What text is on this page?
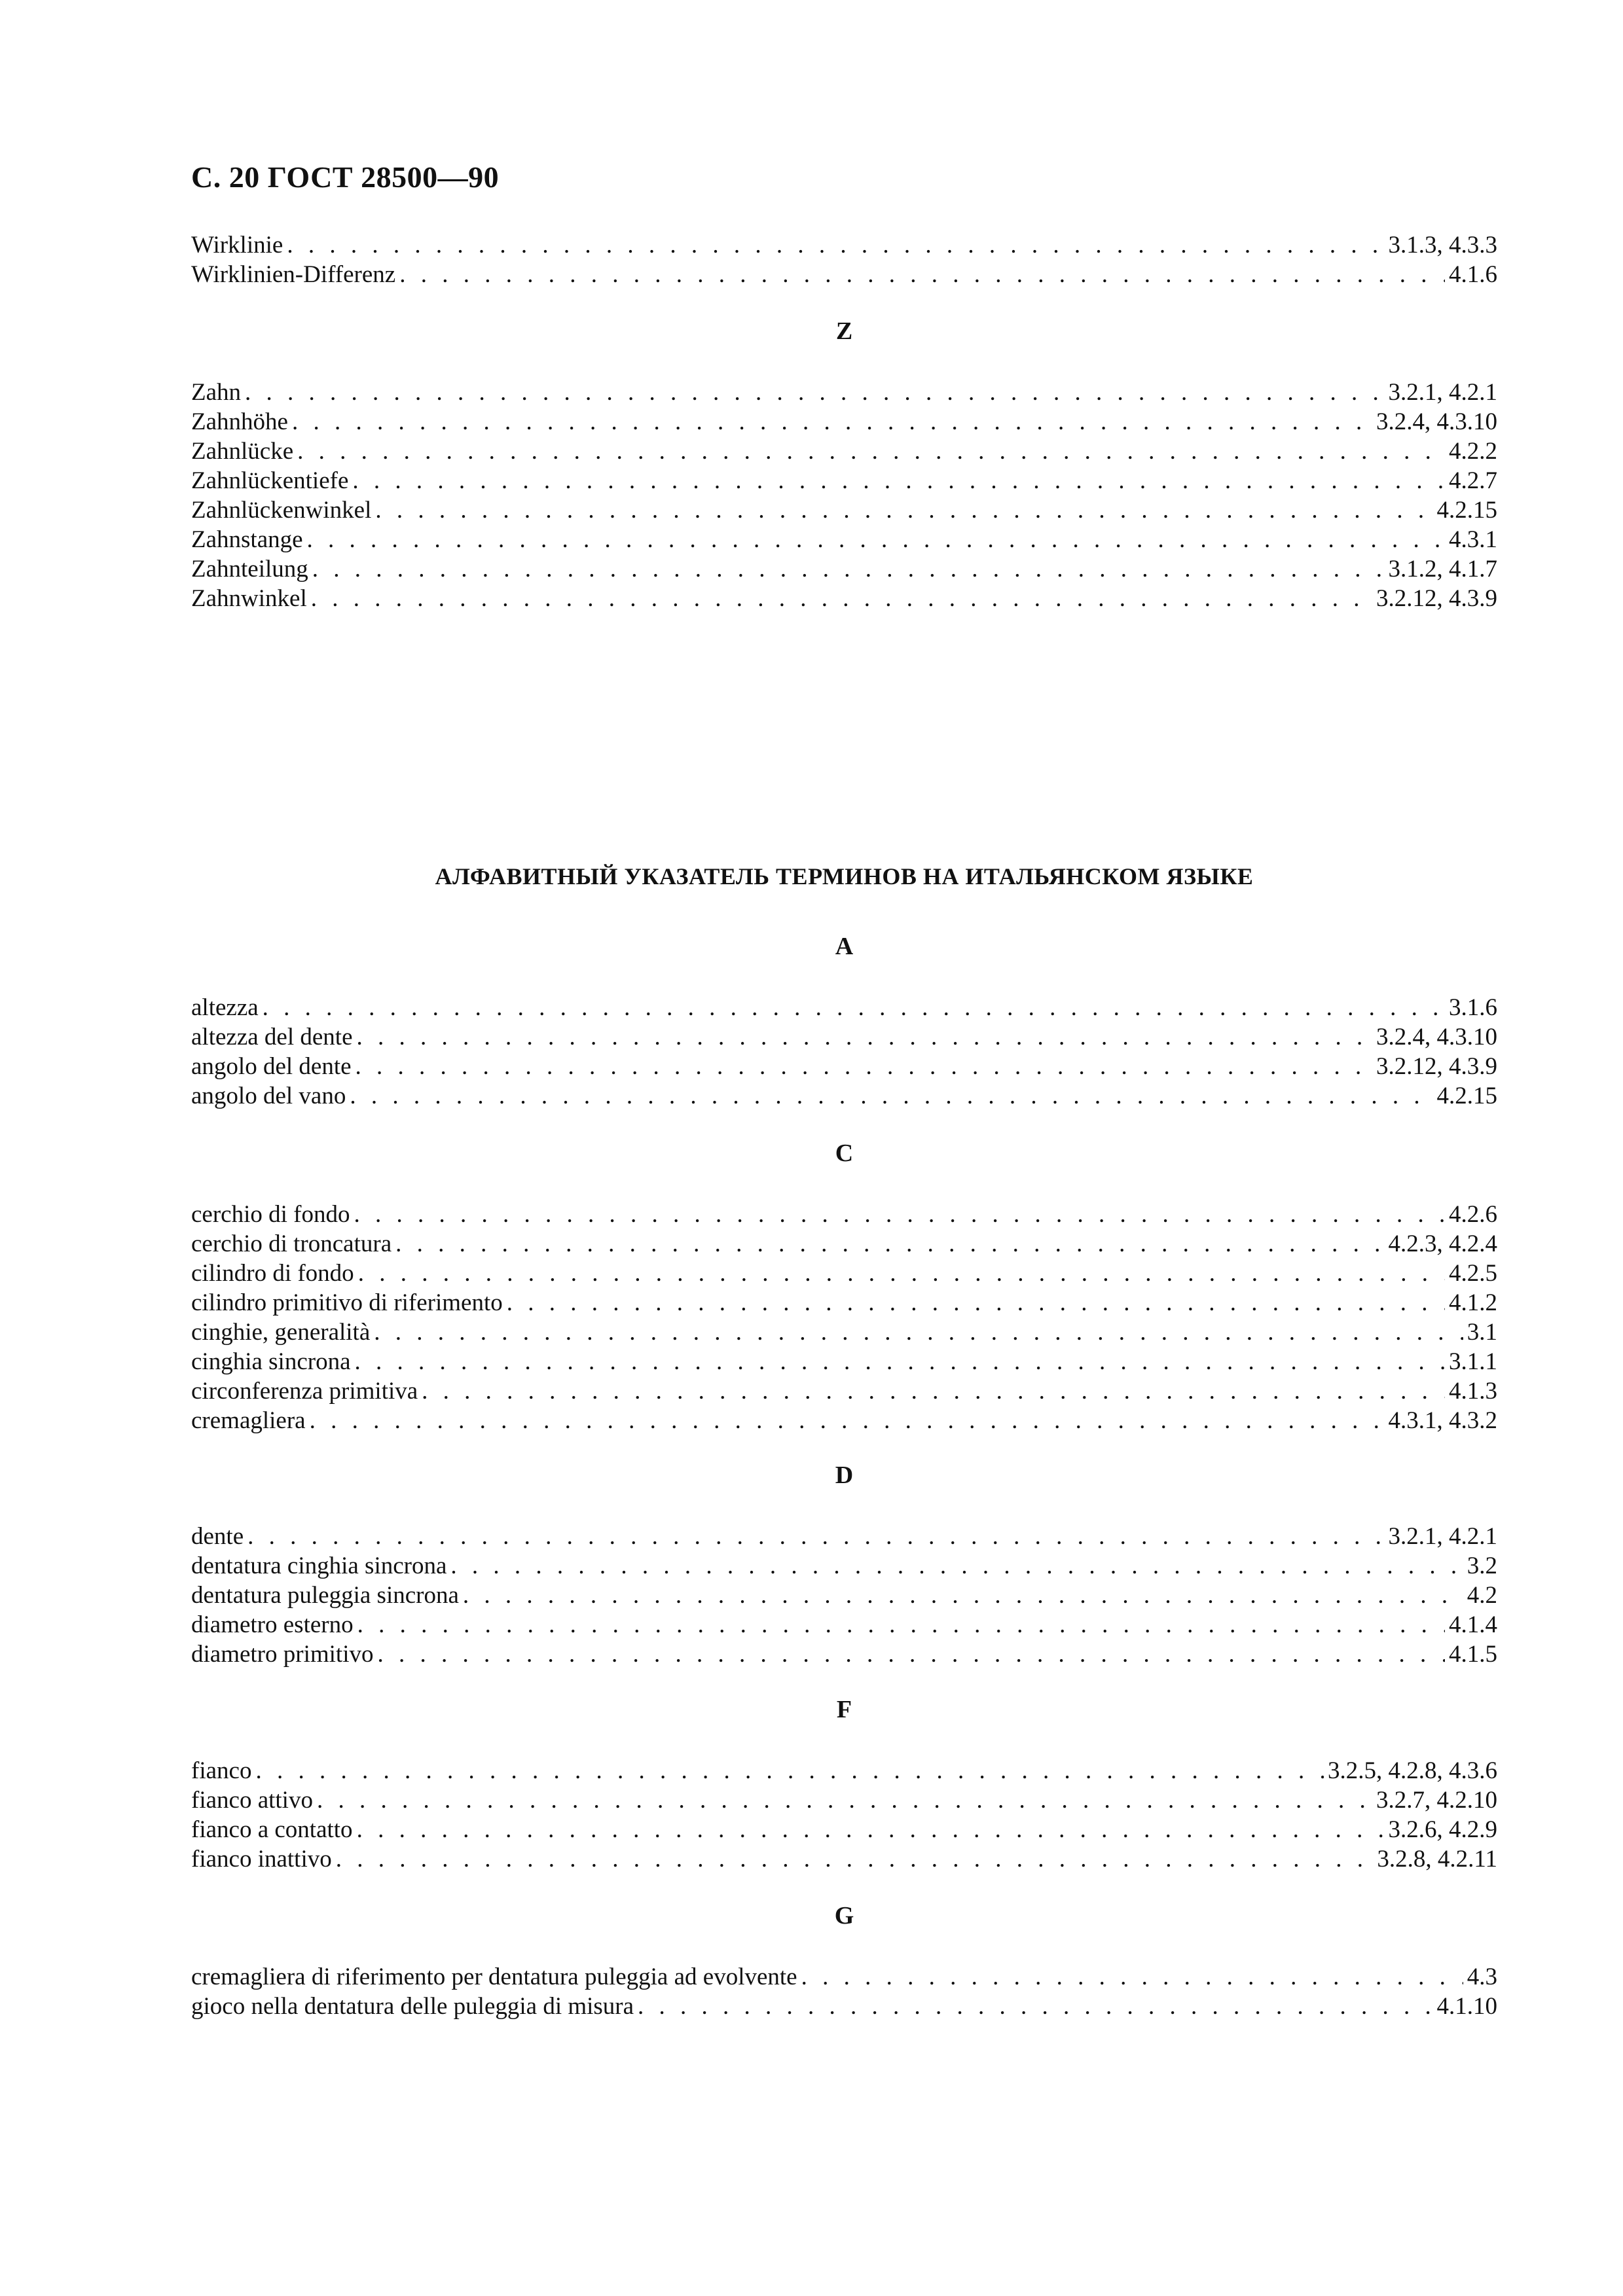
С. 20 ГОСТ 28500—90
Wirklinie . . .	3.1.3, 4.3.3
Wirklinien-Differenz . . .	4.1.6
Z
Zahn . . .	3.2.1, 4.2.1
Zahnhöhe . . .	3.2.4, 4.3.10
Zahnlücke . . .	4.2.2
Zahnlückentiefe . . .	4.2.7
Zahnlückenwinkel . . .	4.2.15
Zahnstange . . .	4.3.1
Zahnteilung . . .	3.1.2, 4.1.7
Zahnwinkel . . .	3.2.12, 4.3.9
АЛФАВИТНЫЙ УКАЗАТЕЛЬ ТЕРМИНОВ НА ИТАЛЬЯНСКОМ ЯЗЫКЕ
A
altezza . . .	3.1.6
altezza del dente . . .	3.2.4, 4.3.10
angolo del dente . . .	3.2.12, 4.3.9
angolo del vano . . .	4.2.15
C
cerchio di fondo . . .	4.2.6
cerchio di troncatura . . .	4.2.3, 4.2.4
cilindro di fondo . . .	4.2.5
cilindro primitivo di riferimento . . .	4.1.2
cinghie, generalità . . .	3.1
cinghia sincrona . . .	3.1.1
circonferenza primitiva . . .	4.1.3
cremagliera . . .	4.3.1, 4.3.2
D
dente . . .	3.2.1, 4.2.1
dentatura cinghia sincrona . . .	3.2
dentatura puleggia sincrona . . .	4.2
diametro esterno . . .	4.1.4
diametro primitivo . . .	4.1.5
F
fianco . . .	3.2.5, 4.2.8, 4.3.6
fianco attivo . . .	3.2.7, 4.2.10
fianco a contatto . . .	3.2.6, 4.2.9
fianco inattivo . . .	3.2.8, 4.2.11
G
cremagliera di riferimento per dentatura puleggia ad evolvente . . .	4.3
gioco nella dentatura delle puleggia di misura . . .	4.1.10
